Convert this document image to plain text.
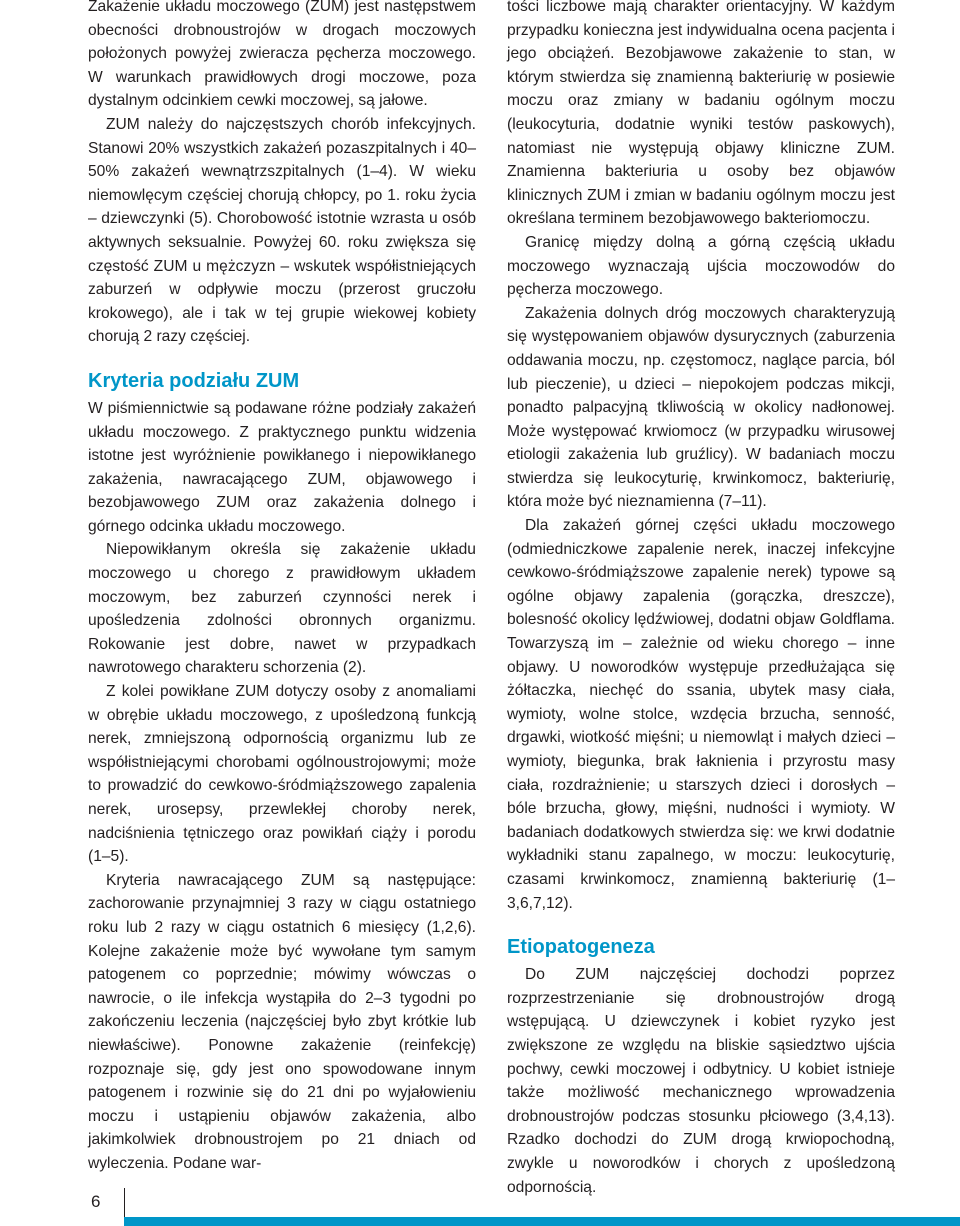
Zakażenie układu moczowego (ZUM) jest następstwem obecności drobnoustrojów w drogach moczowych położonych powyżej zwieracza pęcherza moczowego. W warunkach prawidłowych drogi moczowe, poza dystalnym odcinkiem cewki moczowej, są jałowe.

ZUM należy do najczęstszych chorób infekcyjnych. Stanowi 20% wszystkich zakażeń pozaszpitalnych i 40–50% zakażeń wewnątrzszpitalnych (1–4). W wieku niemowlęcym częściej chorują chłopcy, po 1. roku życia – dziewczynki (5). Chorobowość istotnie wzrasta u osób aktywnych seksualnie. Powyżej 60. roku zwiększa się częstość ZUM u mężczyzn – wskutek współistniejących zaburzeń w odpływie moczu (przerost gruczołu krokowego), ale i tak w tej grupie wiekowej kobiety chorują 2 razy częściej.

Kryteria podziału ZUM

W piśmiennictwie są podawane różne podziały zakażeń układu moczowego. Z praktycznego punktu widzenia istotne jest wyróżnienie powikłanego i niepowikłanego zakażenia, nawracającego ZUM, objawowego i bezobjawowego ZUM oraz zakażenia dolnego i górnego odcinka układu moczowego.

Niepowikłanym określa się zakażenie układu moczowego u chorego z prawidłowym układem moczowym, bez zaburzeń czynności nerek i upośledzenia zdolności obronnych organizmu. Rokowanie jest dobre, nawet w przypadkach nawrotowego charakteru schorzenia (2).

Z kolei powikłane ZUM dotyczy osoby z anomaliami w obrębie układu moczowego, z upośledzoną funkcją nerek, zmniejszoną odpornością organizmu lub ze współistniejącymi chorobami ogólnoustrojowymi; może to prowadzić do cewkowo-śródmiąższowego zapalenia nerek, urosepsy, przewlekłej choroby nerek, nadciśnienia tętniczego oraz powikłań ciąży i porodu (1–5).

Kryteria nawracającego ZUM są następujące: zachorowanie przynajmniej 3 razy w ciągu ostatniego roku lub 2 razy w ciągu ostatnich 6 miesięcy (1,2,6). Kolejne zakażenie może być wywołane tym samym patogenem co poprzednie; mówimy wówczas o nawrocie, o ile infekcja wystąpiła do 2–3 tygodni po zakończeniu leczenia (najczęściej było zbyt krótkie lub niewłaściwe). Ponowne zakażenie (reinfekcję) rozpoznaje się, gdy jest ono spowodowane innym patogenem i rozwinie się do 21 dni po wyjałowieniu moczu i ustąpieniu objawów zakażenia, albo jakimkolwiek drobnoustrojem po 21 dniach od wyleczenia. Podane war-

tości liczbowe mają charakter orientacyjny. W każdym przypadku konieczna jest indywidualna ocena pacjenta i jego obciążeń. Bezobjawowe zakażenie to stan, w którym stwierdza się znamienną bakteriurię w posiewie moczu oraz zmiany w badaniu ogólnym moczu (leukocyturia, dodatnie wyniki testów paskowych), natomiast nie występują objawy kliniczne ZUM. Znamienna bakteriuria u osoby bez objawów klinicznych ZUM i zmian w badaniu ogólnym moczu jest określana terminem bezobjawowego bakteriomoczu.

Granicę między dolną a górną częścią układu moczowego wyznaczają ujścia moczowodów do pęcherza moczowego.

Zakażenia dolnych dróg moczowych charakteryzują się występowaniem objawów dysurycznych (zaburzenia oddawania moczu, np. częstomocz, naglące parcia, ból lub pieczenie), u dzieci – niepokojem podczas mikcji, ponadto palpacyjną tkliwością w okolicy nadłonowej. Może występować krwiomocz (w przypadku wirusowej etiologii zakażenia lub gruźlicy). W badaniach moczu stwierdza się leukocyturię, krwinkomocz, bakteriurię, która może być nieznamienna (7–11).

Dla zakażeń górnej części układu moczowego (odmiedniczkowe zapalenie nerek, inaczej infekcyjne cewkowo-śródmiąższowe zapalenie nerek) typowe są ogólne objawy zapalenia (gorączka, dreszcze), bolesność okolicy lędźwiowej, dodatni objaw Goldflama. Towarzyszą im – zależnie od wieku chorego – inne objawy. U noworodków występuje przedłużająca się żółtaczka, niechęć do ssania, ubytek masy ciała, wymioty, wolne stolce, wzdęcia brzucha, senność, drgawki, wiotkość mięśni; u niemowląt i małych dzieci – wymioty, biegunka, brak łaknienia i przyrostu masy ciała, rozdrażnienie; u starszych dzieci i dorosłych – bóle brzucha, głowy, mięśni, nudności i wymioty. W badaniach dodatkowych stwierdza się: we krwi dodatnie wykładniki stanu zapalnego, w moczu: leukocyturię, czasami krwinkomocz, znamienną bakteriurię (1–3,6,7,12).

Etiopatogeneza

Do ZUM najczęściej dochodzi poprzez rozprzestrzenianie się drobnoustrojów drogą wstępującą. U dziewczynek i kobiet ryzyko jest zwiększone ze względu na bliskie sąsiedztwo ujścia pochwy, cewki moczowej i odbytnicy. U kobiet istnieje także możliwość mechanicznego wprowadzenia drobnoustrojów podczas stosunku płciowego (3,4,13). Rzadko dochodzi do ZUM drogą krwiopochodną, zwykle u noworodków i chorych z upośledzoną odpornością.

6
